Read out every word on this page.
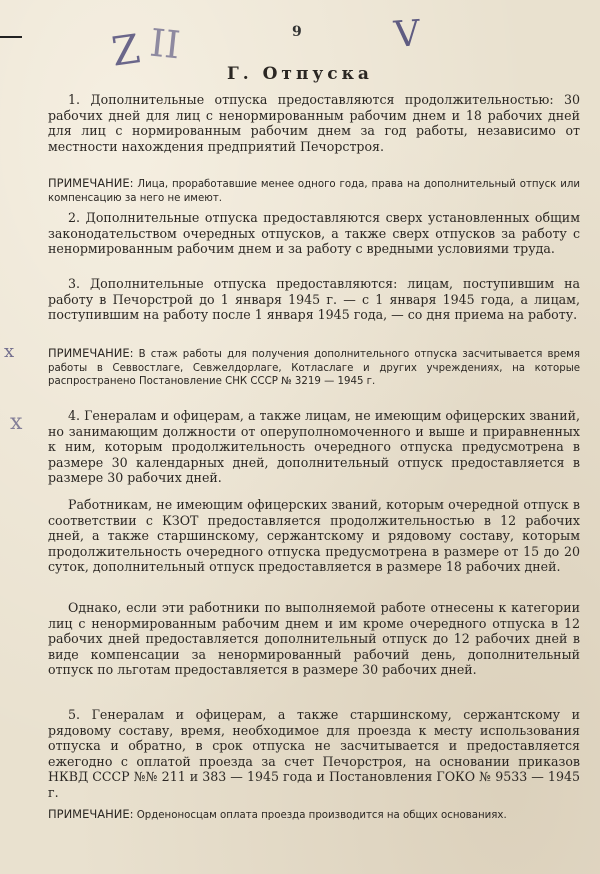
9
Z II	V
x
x
Г. Отпуска
1. Дополнительные отпуска предоставляются продолжительностью: 30 рабочих дней для лиц с ненормированным рабочим днем и 18 рабочих дней для лиц с нормированным рабочим днем за год работы, независимо от местности нахождения предприятий Печорстроя.
ПРИМЕЧАНИЕ: Лица, проработавшие менее одного года, права на дополнительный отпуск или компенсацию за него не имеют.
2. Дополнительные отпуска предоставляются сверх установленных общим законодательством очередных отпусков, а также сверх отпусков за работу с ненормированным рабочим днем и за работу с вредными условиями труда.
3. Дополнительные отпуска предоставляются: лицам, поступившим на работу в Печорстрой до 1 января 1945 г. — с 1 января 1945 года, а лицам, поступившим на работу после 1 января 1945 года, — со дня приема на работу.
ПРИМЕЧАНИЕ: В стаж работы для получения дополнительного отпуска засчитывается время работы в Севвостлаге, Севжелдорлаге, Котласлаге и других учреждениях, на которые распространено Постановление СНК СССР № 3219 — 1945 г.
4. Генералам и офицерам, а также лицам, не имеющим офицерских званий, но занимающим должности от оперуполномоченного и выше и приравненных к ним, которым продолжительность очередного отпуска предусмотрена в размере 30 календарных дней, дополнительный отпуск предоставляется в размере 30 рабочих дней.
Работникам, не имеющим офицерских званий, которым очередной отпуск в соответствии с КЗОТ предоставляется продолжительностью в 12 рабочих дней, а также старшинскому, сержантскому и рядовому составу, которым продолжительность очередного отпуска предусмотрена в размере от 15 до 20 суток, дополнительный отпуск предоставляется в размере 18 рабочих дней.
Однако, если эти работники по выполняемой работе отнесены к категории лиц с ненормированным рабочим днем и им кроме очередного отпуска в 12 рабочих дней предоставляется дополнительный отпуск до 12 рабочих дней в виде компенсации за ненормированный рабочий день, дополнительный отпуск по льготам предоставляется в размере 30 рабочих дней.
5. Генералам и офицерам, а также старшинскому, сержантскому и рядовому составу, время, необходимое для проезда к месту использования отпуска и обратно, в срок отпуска не засчитывается и предоставляется ежегодно с оплатой проезда за счет Печорстроя, на основании приказов НКВД СССР №№ 211 и 383 — 1945 года и Постановления ГОКО № 9533 — 1945 г.
ПРИМЕЧАНИЕ: Орденоносцам оплата проезда производится на общих основаниях.
